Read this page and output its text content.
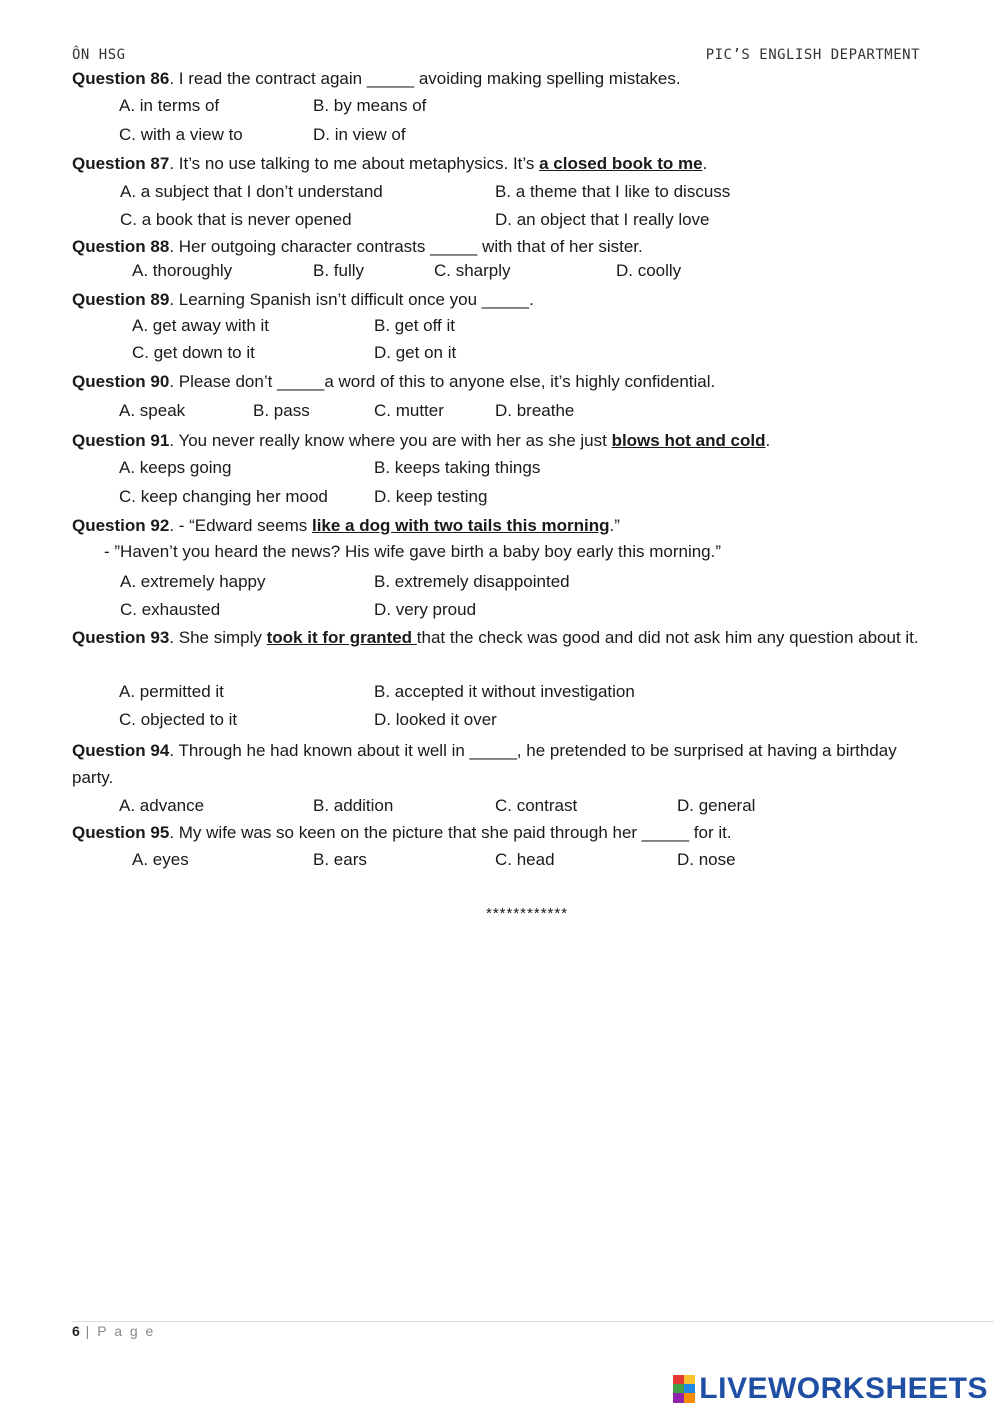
ÔN HSG	PIC’S ENGLISH DEPARTMENT
Question 86. I read the contract again _____ avoiding making spelling mistakes.
A. in terms of	B. by means of
C. with a view to	D. in view of
Question 87. It’s no use talking to me about metaphysics. It’s a closed book to me.
A. a subject that I don’t understand	B. a theme that I like to discuss
C. a book that is never opened	D. an object that I really love
Question 88. Her outgoing character contrasts _____ with that of her sister.
A. thoroughly	B. fully	C. sharply	D. coolly
Question 89. Learning Spanish isn’t difficult once you _____.
A. get away with it	B. get off it
C. get down to it	D. get on it
Question 90. Please don’t _____a word of this to anyone else, it’s highly confidential.
A. speak	B. pass	C. mutter	D. breathe
Question 91. You never really know where you are with her as she just blows hot and cold.
A. keeps going	B. keeps taking things
C. keep changing her mood	D. keep testing
Question 92. - “Edward seems like a dog with two tails this morning.”
- ”Haven’t you heard the news? His wife gave birth a baby boy early this morning.”
A. extremely happy	B. extremely disappointed
C. exhausted	D. very proud
Question 93. She simply took it for granted that the check was good and did not ask him any question about it.
A. permitted it	B. accepted it without investigation
C. objected to it	D. looked it over
Question 94. Through he had known about it well in _____, he pretended to be surprised at having a birthday party.
A. advance	B. addition	C. contrast	D. general
Question 95. My wife was so keen on the picture that she paid through her _____ for it.
A. eyes	B. ears	C. head	D. nose
************
6 | P a g e
LIVEWORKSHEETS
